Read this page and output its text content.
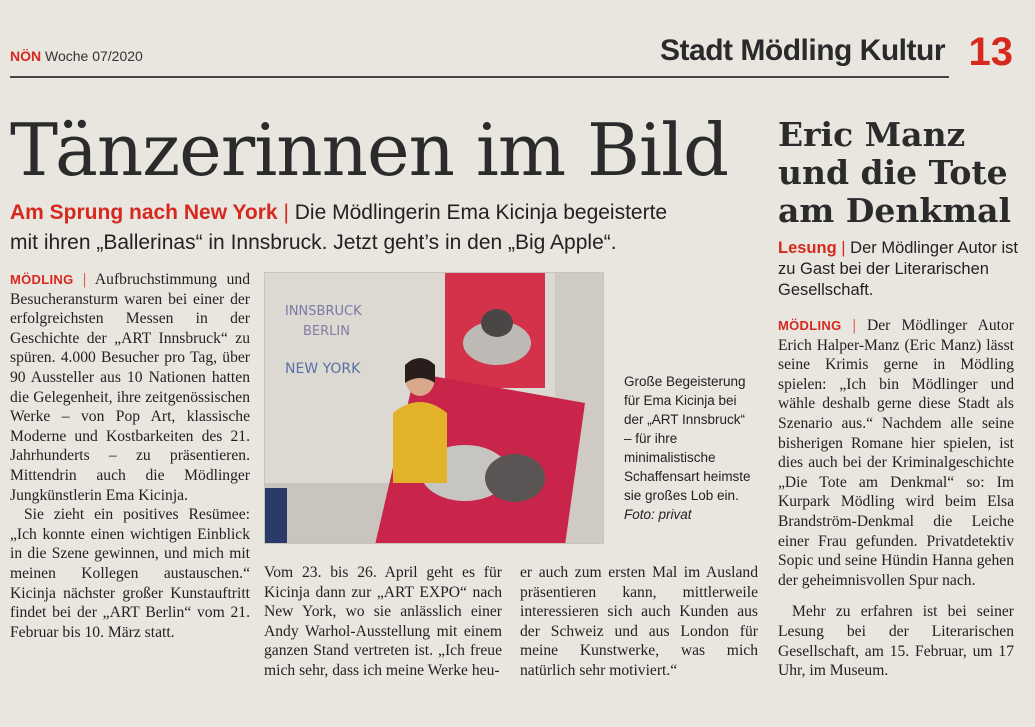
NÖN Woche 07/2020	Stadt Mödling Kultur 13
Tänzerinnen im Bild
Am Sprung nach New York | Die Mödlingerin Ema Kicinja begeisterte
mit ihren „Ballerinas“ in Innsbruck. Jetzt geht’s in den „Big Apple“.

MÖDLING | Aufbruchstimmung und Besucheransturm waren bei einer der erfolgreichsten Messen in der Geschichte der „ART Innsbruck“ zu spüren. 4.000 Besucher pro Tag, über 90 Aussteller aus 10 Nationen hatten die Gelegenheit, ihre zeitgenössischen Werke – von Pop Art, klassische Moderne und Kostbarkeiten des 21. Jahrhunderts – zu präsentieren. Mittendrin auch die Mödlinger Jungkünstlerin Ema Kicinja.

Sie zieht ein positives Resümee: „Ich konnte einen wichtigen Einblick in die Szene gewinnen, und mich mit meinen Kollegen austauschen.“ Kicinja nächster großer Kunstauftritt findet bei der „ART Berlin“ vom 21. Februar bis 10. März statt.

INNSBRUCK
BERLIN
NEW YORK
Große Begeisterung für Ema Kicinja bei der „ART Innsbruck“ – für ihre minimalistische Schaffensart heimste sie großes Lob ein. Foto: privat

Vom 23. bis 26. April geht es für Kicinja dann zur „ART EXPO“ nach New York, wo sie anlässlich einer Andy Warhol-Ausstellung mit einem ganzen Stand vertreten ist. „Ich freue mich sehr, dass ich meine Werke heu-

er auch zum ersten Mal im Ausland präsentieren kann, mittlerweile interessieren sich auch Kunden aus der Schweiz und aus London für meine Kunstwerke, was mich natürlich sehr motiviert.“

Eric Manz und die Tote am Denkmal
Lesung | Der Mödlinger Autor ist zu Gast bei der Literarischen Gesellschaft.

MÖDLING | Der Mödlinger Autor Erich Halper-Manz (Eric Manz) lässt seine Krimis gerne in Mödling spielen: „Ich bin Mödlinger und wähle deshalb gerne diese Stadt als Szenario aus.“ Nachdem alle seine bisherigen Romane hier spielen, ist dies auch bei der Kriminalgeschichte „Die Tote am Denkmal“ so: Im Kurpark Mödling wird beim Elsa Brandström-Denkmal die Leiche einer Frau gefunden. Privatdetektiv Sopic und seine Hündin Hanna gehen der geheimnisvollen Spur nach.

Mehr zu erfahren ist bei seiner Lesung bei der Literarischen Gesellschaft, am 15. Februar, um 17 Uhr, im Museum.
